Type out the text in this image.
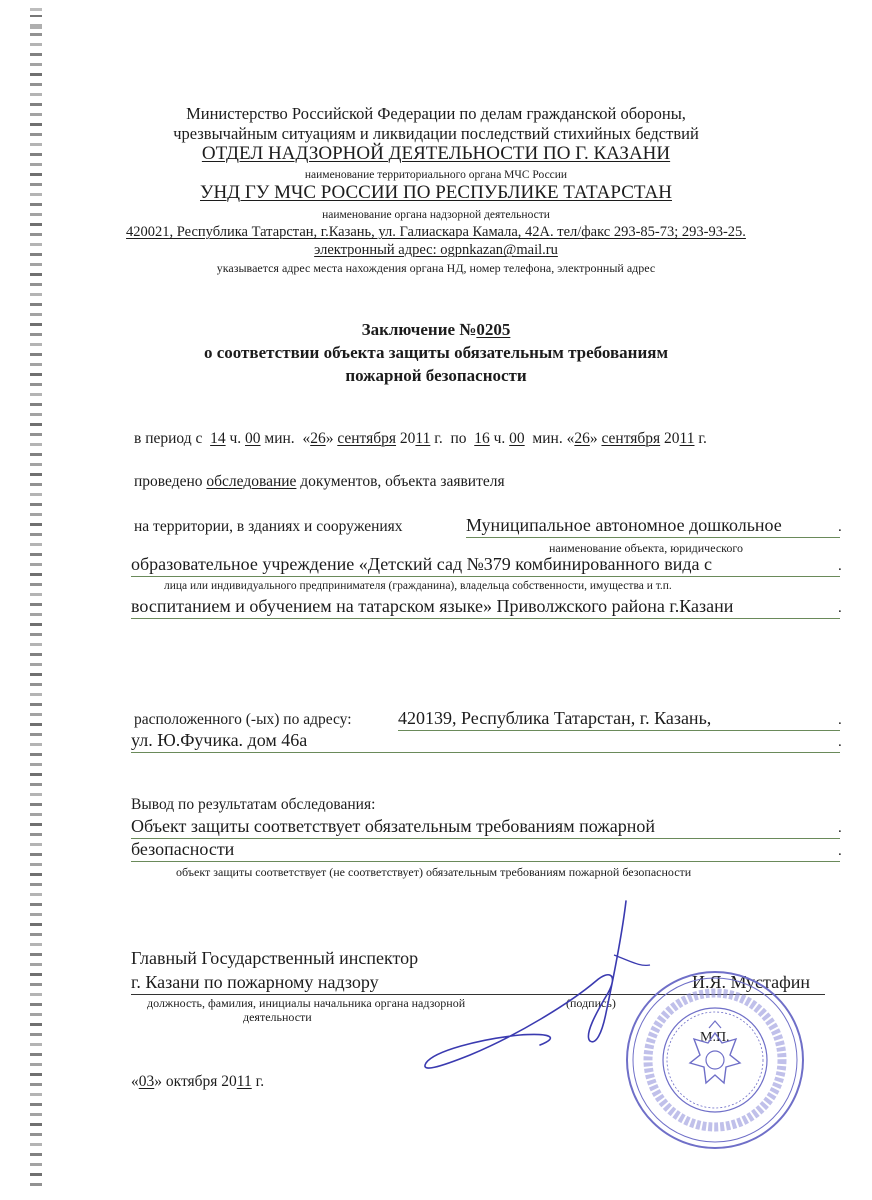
Министерство Российской Федерации по делам гражданской обороны,
чрезвычайным ситуациям и ликвидации последствий стихийных бедствий
ОТДЕЛ НАДЗОРНОЙ ДЕЯТЕЛЬНОСТИ ПО Г. КАЗАНИ
наименование территориального органа МЧС России
УНД ГУ МЧС РОССИИ ПО РЕСПУБЛИКЕ ТАТАРСТАН
наименование органа надзорной деятельности
420021, Республика Татарстан, г.Казань, ул. Галиаскара Камала, 42А. тел/факс 293-85-73; 293-93-25.
электронный адрес: ogpnkazan@mail.ru
указывается адрес места нахождения органа НД, номер телефона, электронный адрес
Заключение №0205
о соответствии объекта защиты обязательным требованиям
пожарной безопасности
в период с 14 ч. 00 мин.  «26» сентября 2011 г. по 16 ч. 00 мин. «26» сентября 2011 г.
проведено обследование документов, объекта заявителя
на территории, в зданиях и сооружениях	Муниципальное автономное дошкольное	.
наименование объекта, юридического
образовательное учреждение «Детский сад №379 комбинированного вида с	.
лица или индивидуального предпринимателя (гражданина), владельца собственности, имущества и т.п.
воспитанием и обучением на татарском языке» Приволжского района г.Казани	.
расположенного (-ых) по адресу:	420139, Республика Татарстан, г. Казань,	.
ул. Ю.Фучика. дом 46а	.
Вывод по результатам обследования:
Объект защиты соответствует обязательным требованиям пожарной	.
безопасности	.
объект защиты соответствует (не соответствует) обязательным требованиям пожарной безопасности
Главный Государственный инспектор
г. Казани по пожарному надзору	И.Я. Мустафин
должность, фамилия, инициалы начальника органа надзорной
деятельности
(подпись)
М.П.
«03» октября 2011 г.
